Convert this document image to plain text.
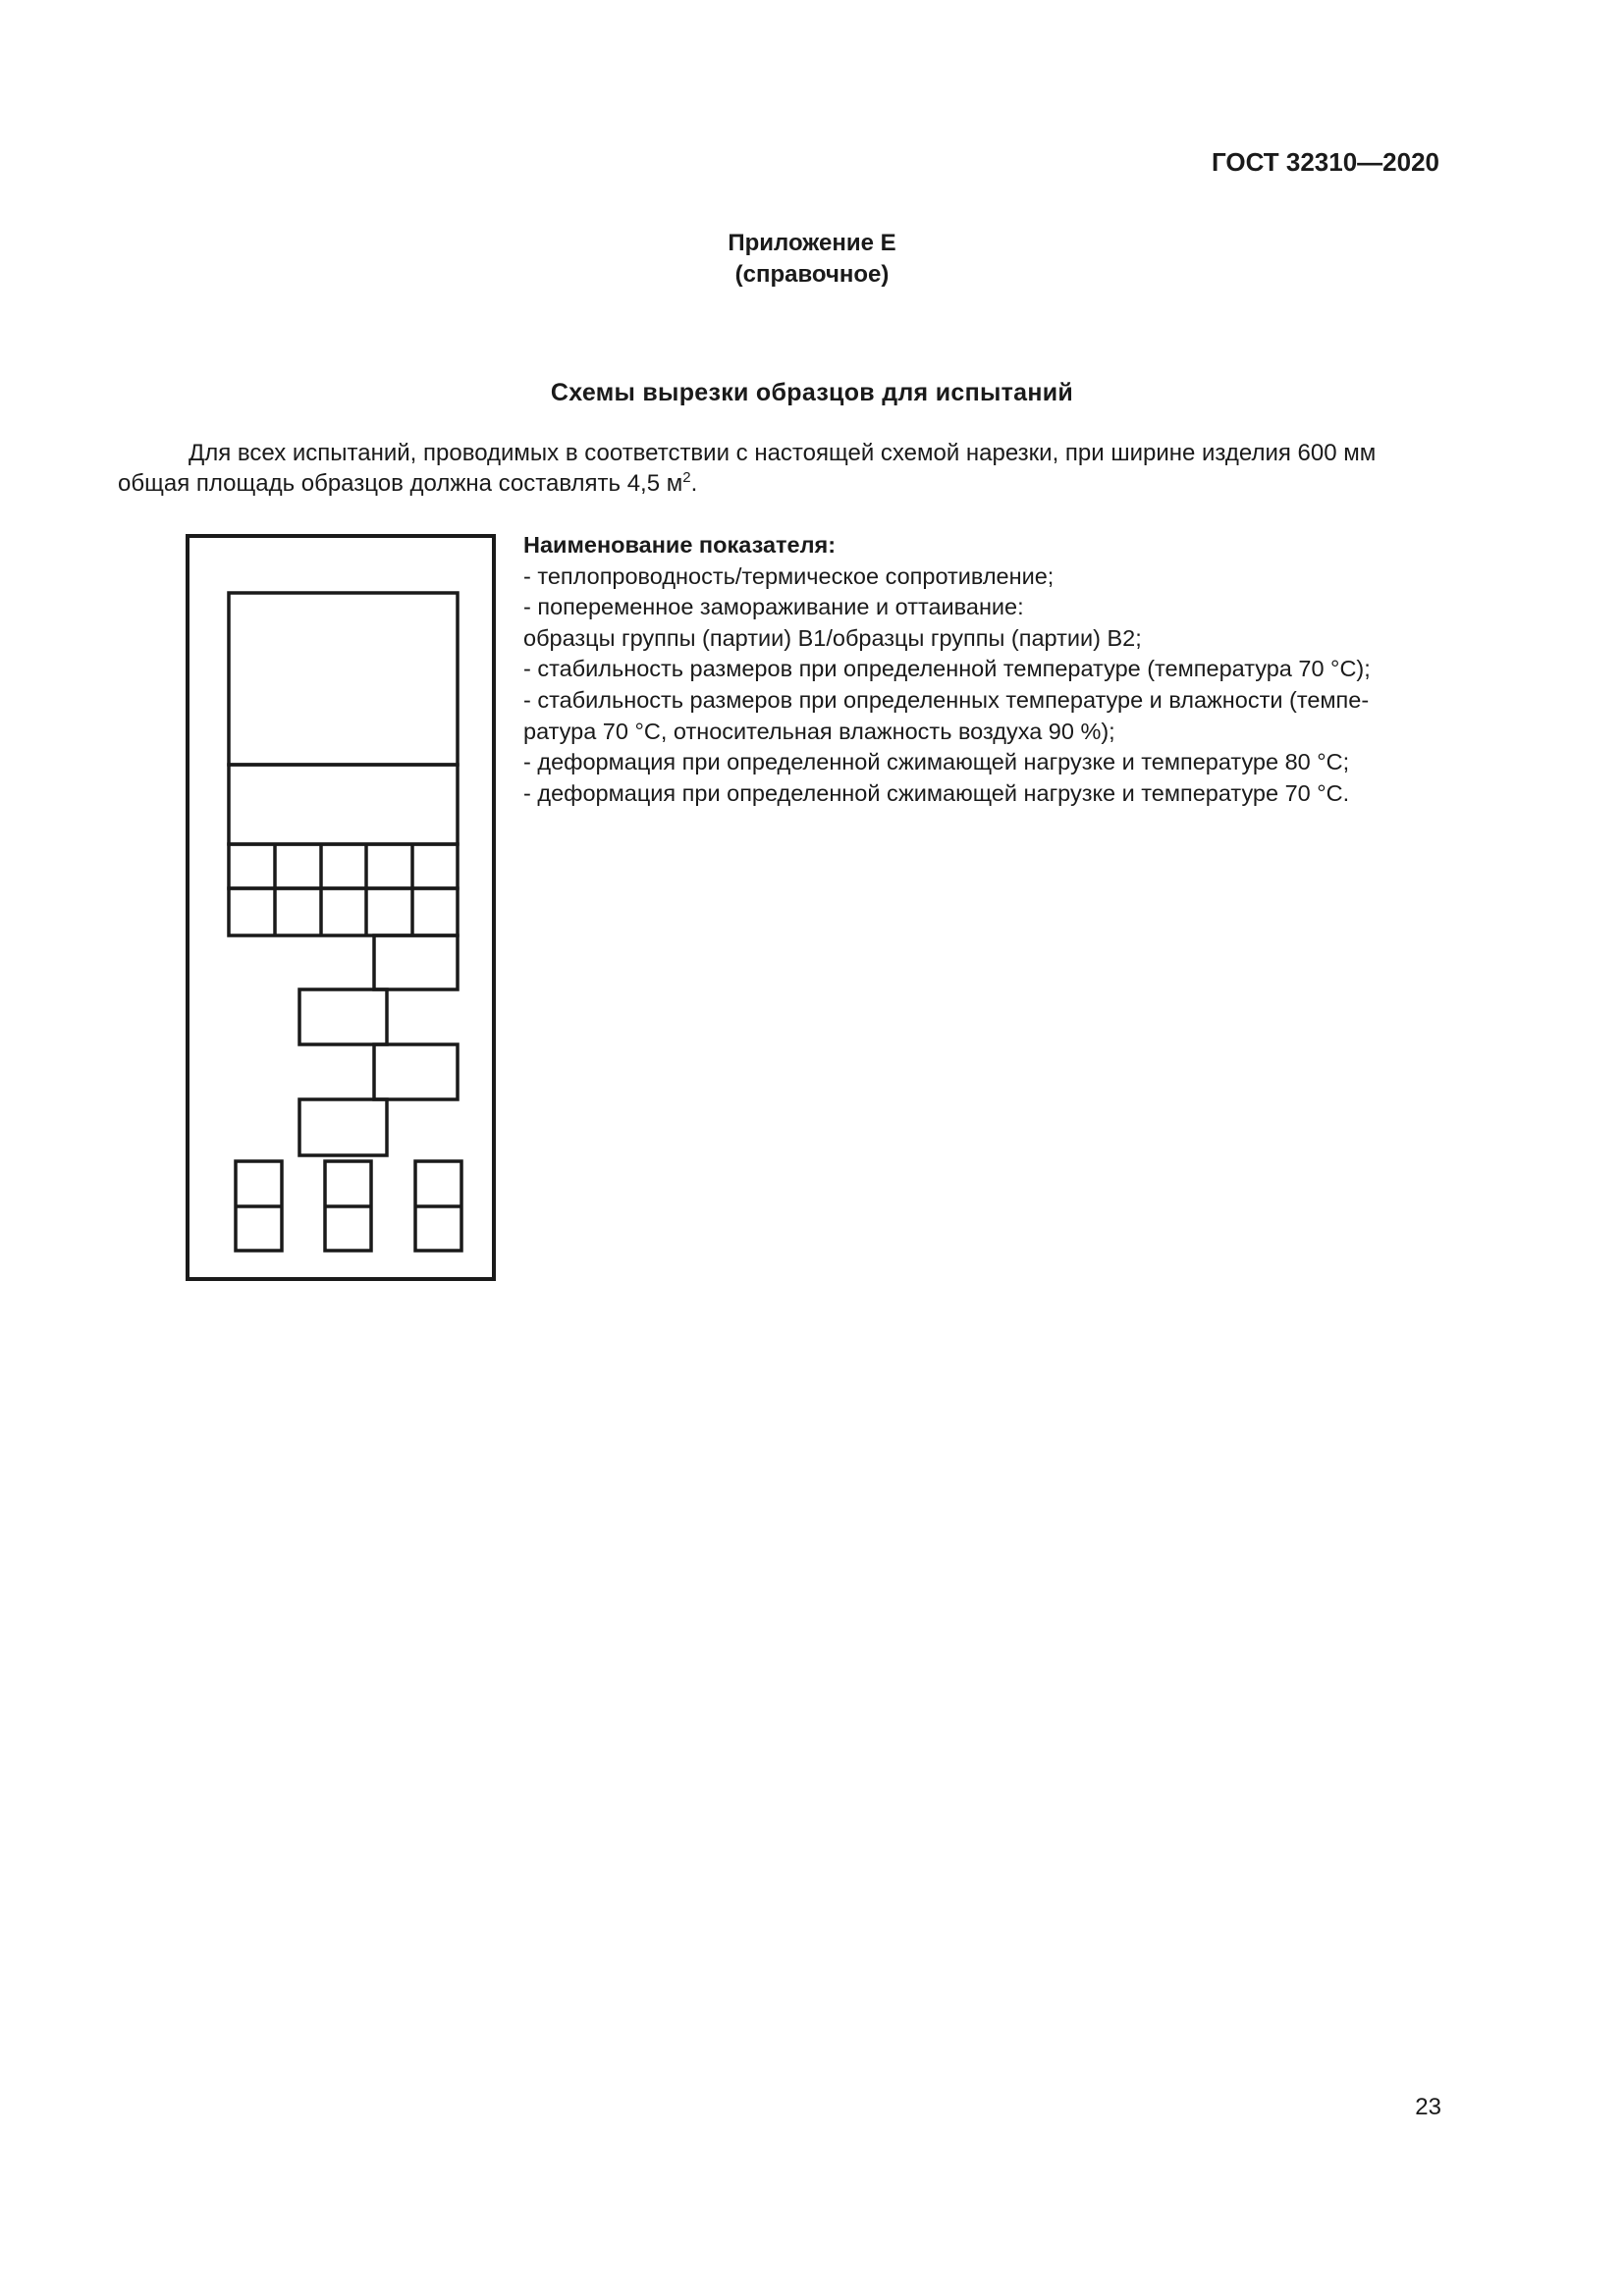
ГОСТ 32310—2020
Приложение Е
(справочное)
Схемы вырезки образцов для испытаний
Для всех испытаний, проводимых в соответствии с настоящей схемой нарезки, при ширине изделия 600 мм
общая площадь образцов должна составлять 4,5 $м^2$.
Наименование показателя:
- теплопроводность/термическое сопротивление;
- попеременное замораживание и оттаивание:
образцы группы (партии) В1/образцы группы (партии) В2;
- стабильность размеров при определенной температуре (температура 70 °С);
- стабильность размеров при определенных температуре и влажности (темпе-
ратура 70 °С, относительная влажность воздуха 90 %);
- деформация при определенной сжимающей нагрузке и температуре 80 °С;
- деформация при определенной сжимающей нагрузке и температуре 70 °С.
23
